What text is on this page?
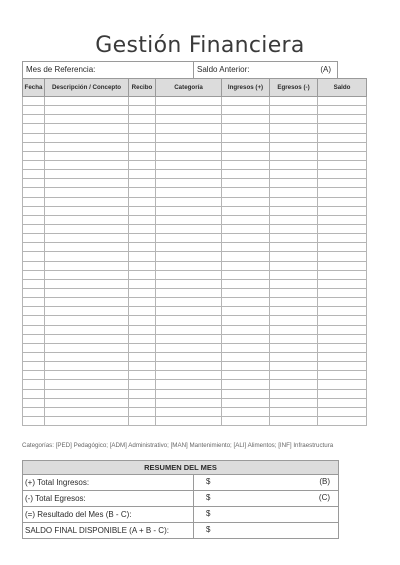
Gestión Financiera
Mes de Referencia:	Saldo Anterior:	(A)
Fecha	Descripción / Concepto	Recibo	Categoría	Ingresos (+)	Egresos (-)	Saldo

Categorías: [PED] Pedagógico; [ADM] Administrativo; [MAN] Mantenimiento; [ALI] Alimentos; [INF] Infraestructura
RESUMEN DEL MES	
(+) Total Ingresos:	$ (B)

(-) Total Egresos:	$ (C)

(=) Resultado del Mes (B - C):	$

SALDO FINAL DISPONIBLE (A + B - C):	$
